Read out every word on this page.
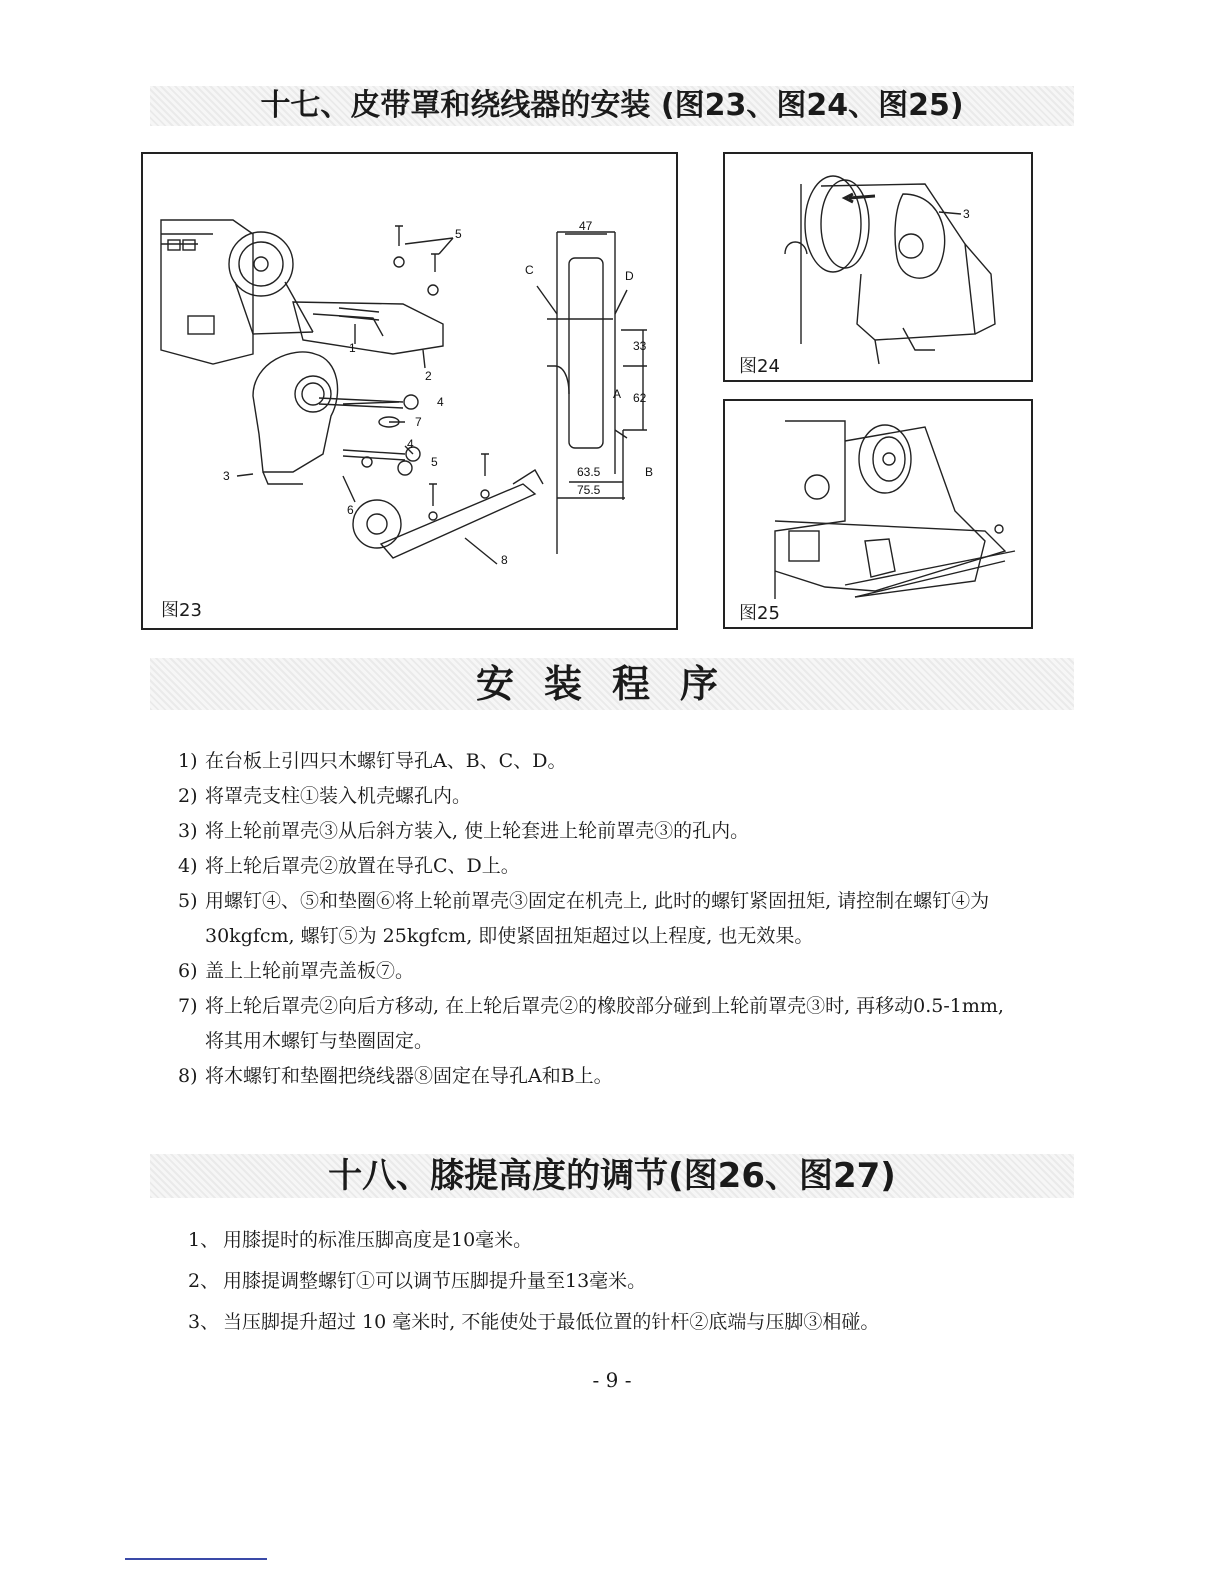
十七、皮带罩和绕线器的安装 (图23、图24、图25)
5
1
2
3
4
7
4
5
6
8
C	D
A
B
47
33
62
63.5
75.5
图23
3
图24
图25
安装程序
1) 在台板上引四只木螺钉导孔A、B、C、D。
2) 将罩壳支柱①装入机壳螺孔内。
3) 将上轮前罩壳③从后斜方装入, 使上轮套进上轮前罩壳③的孔内。
4) 将上轮后罩壳②放置在导孔C、D上。
5) 用螺钉④、⑤和垫圈⑥将上轮前罩壳③固定在机壳上, 此时的螺钉紧固扭矩, 请控制在螺钉④为30kgfcm, 螺钉⑤为 25kgfcm, 即使紧固扭矩超过以上程度, 也无效果。
6) 盖上上轮前罩壳盖板⑦。
7) 将上轮后罩壳②向后方移动, 在上轮后罩壳②的橡胶部分碰到上轮前罩壳③时, 再移动0.5-1mm, 将其用木螺钉与垫圈固定。
8) 将木螺钉和垫圈把绕线器⑧固定在导孔A和B上。
十八、膝提高度的调节(图26、图27)
1、 用膝提时的标准压脚高度是10毫米。
2、 用膝提调整螺钉①可以调节压脚提升量至13毫米。
3、 当压脚提升超过 10 毫米时, 不能使处于最低位置的针杆②底端与压脚③相碰。
- 9 -
